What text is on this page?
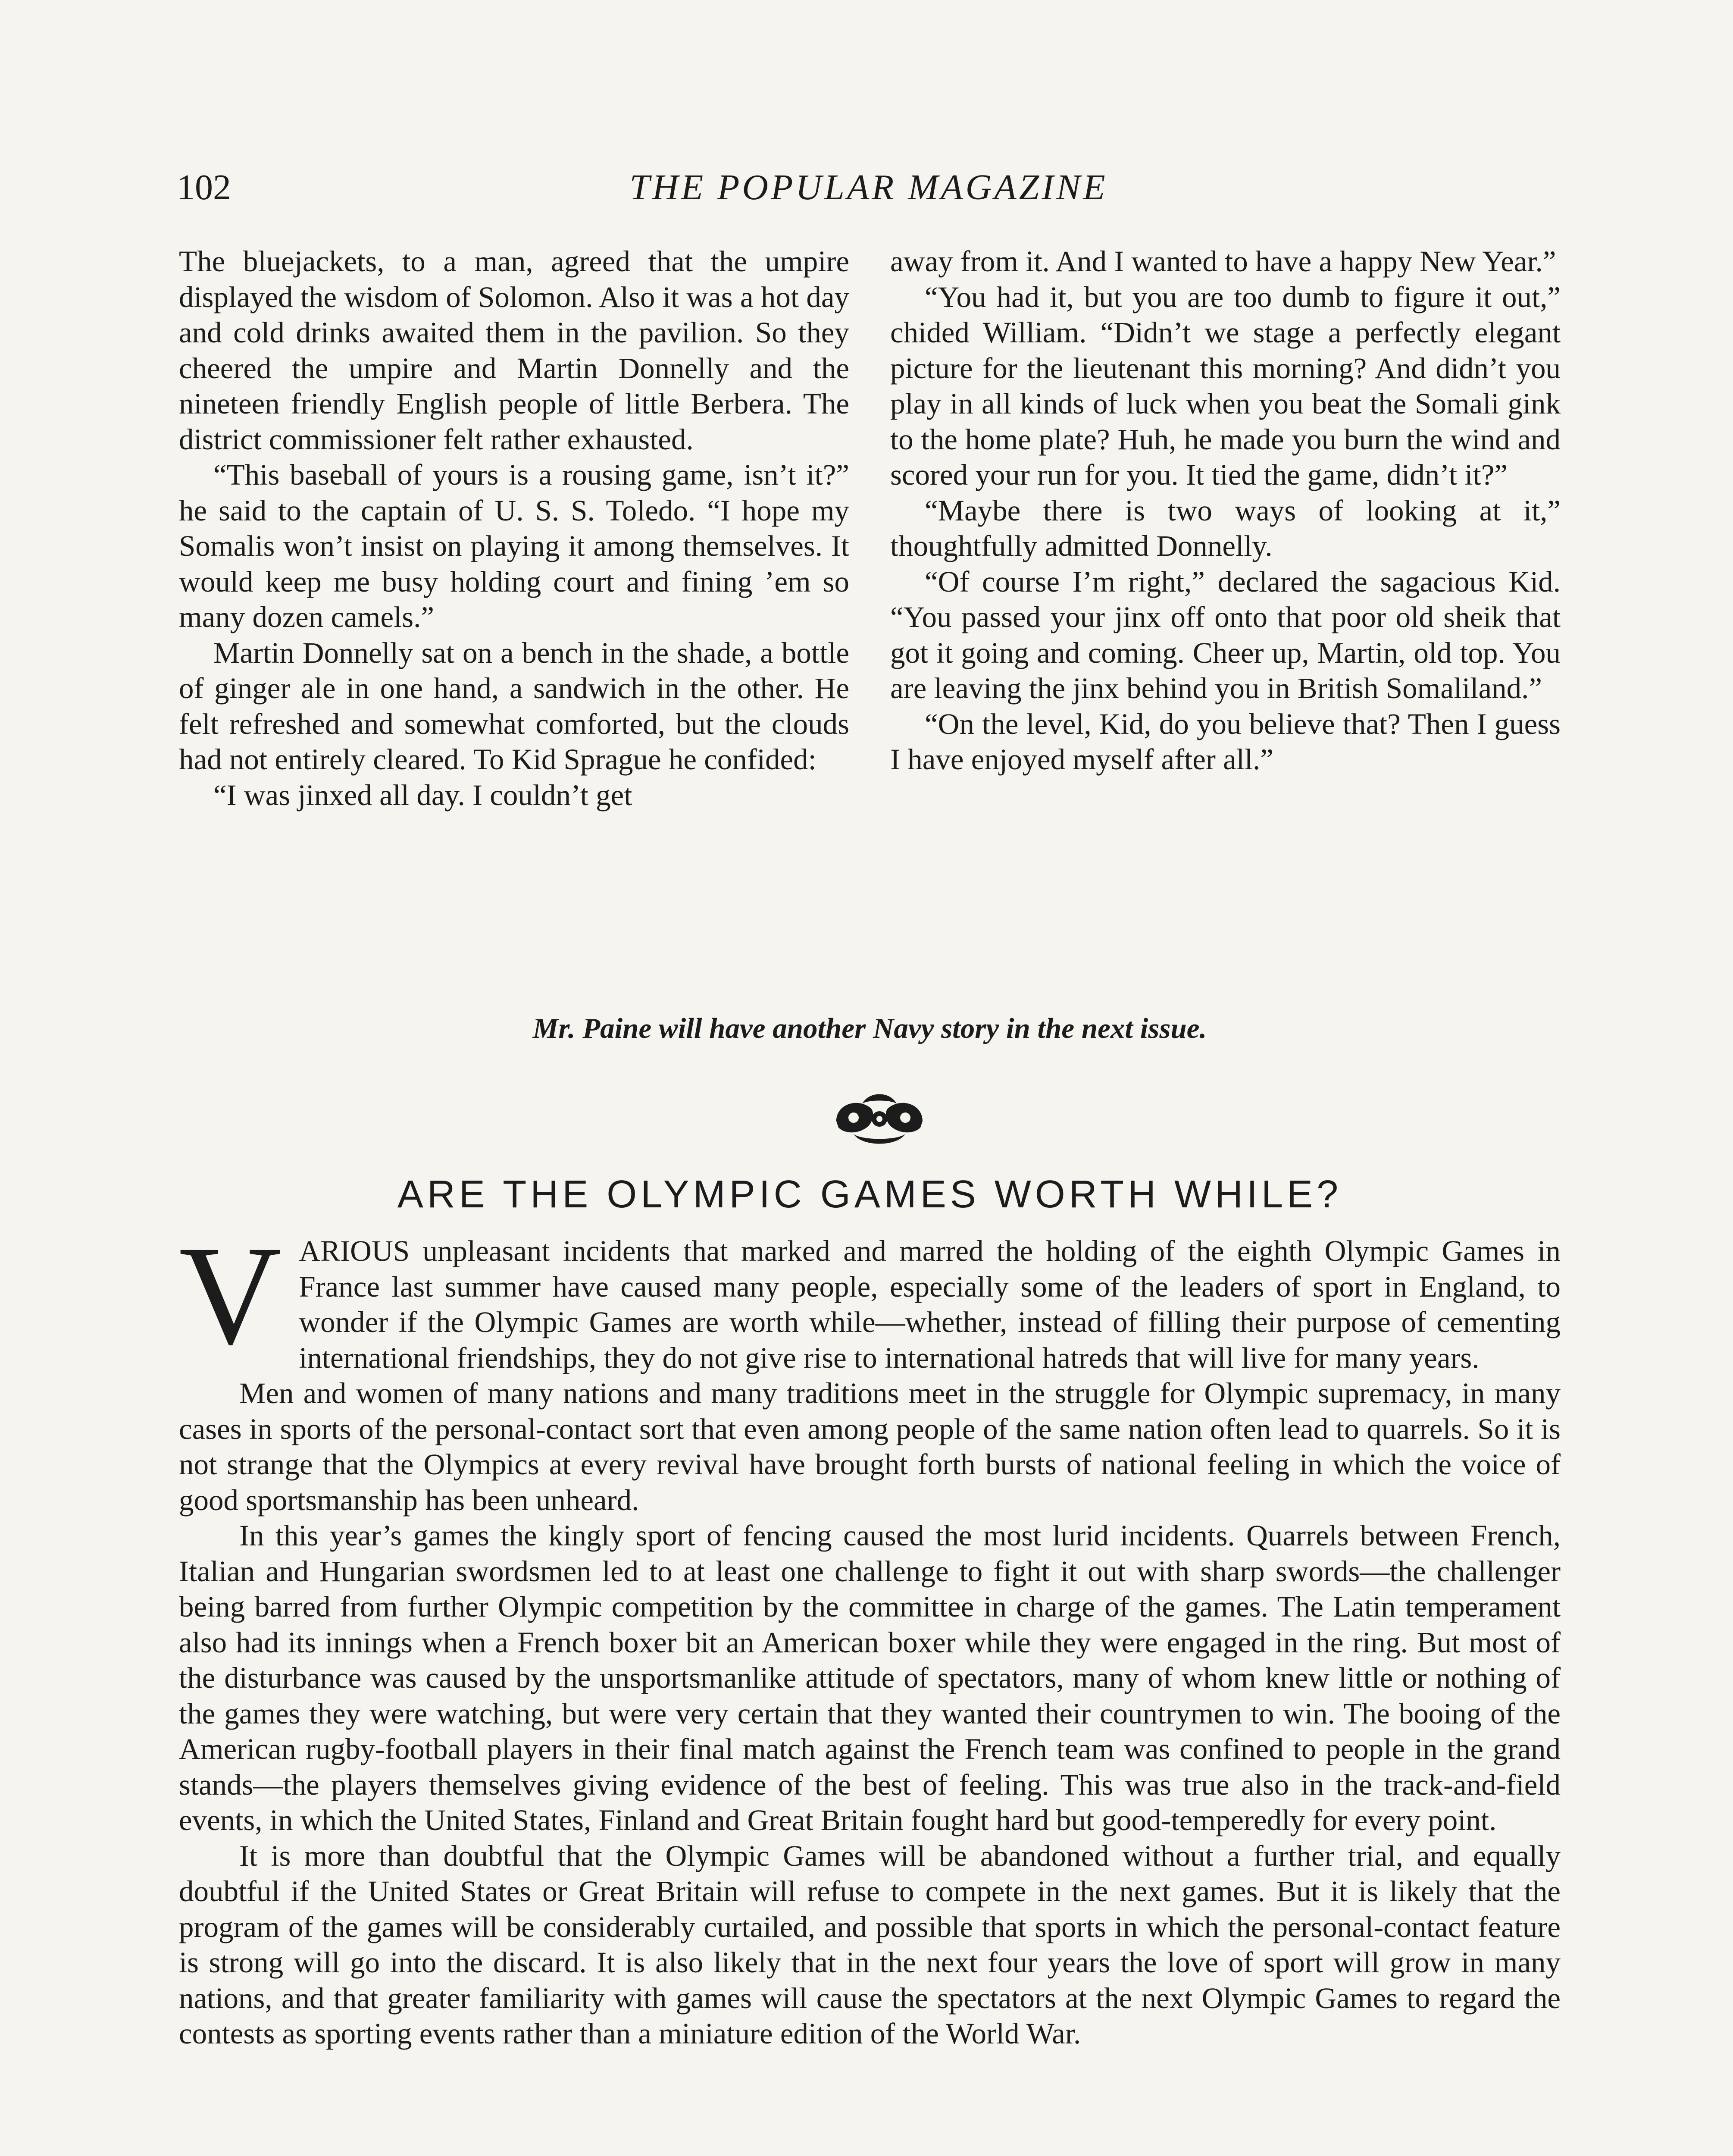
102	THE POPULAR MAGAZINE

The bluejackets, to a man, agreed that the umpire displayed the wisdom of Solomon. Also it was a hot day and cold drinks awaited them in the pavilion. So they cheered the umpire and Martin Donnelly and the nineteen friendly English people of little Berbera. The district commissioner felt rather exhausted.

“This baseball of yours is a rousing game, isn’t it?” he said to the captain of U. S. S. Toledo. “I hope my Somalis won’t insist on playing it among themselves. It would keep me busy holding court and fining ’em so many dozen camels.”

Martin Donnelly sat on a bench in the shade, a bottle of ginger ale in one hand, a sandwich in the other. He felt refreshed and somewhat comforted, but the clouds had not entirely cleared. To Kid Sprague he confided:

“I was jinxed all day. I couldn’t get

away from it. And I wanted to have a happy New Year.”

“You had it, but you are too dumb to figure it out,” chided William. “Didn’t we stage a perfectly elegant picture for the lieutenant this morning? And didn’t you play in all kinds of luck when you beat the Somali gink to the home plate? Huh, he made you burn the wind and scored your run for you. It tied the game, didn’t it?”

“Maybe there is two ways of looking at it,” thoughtfully admitted Donnelly.

“Of course I’m right,” declared the sagacious Kid. “You passed your jinx off onto that poor old sheik that got it going and coming. Cheer up, Martin, old top. You are leaving the jinx behind you in British Somaliland.”

“On the level, Kid, do you believe that? Then I guess I have enjoyed myself after all.”

Mr. Paine will have another Navy story in the next issue.
ARE THE OLYMPIC GAMES WORTH WHILE?

VARIOUS unpleasant incidents that marked and marred the holding of the eighth Olympic Games in France last summer have caused many people, especially some of the leaders of sport in England, to wonder if the Olympic Games are worth while—whether, instead of filling their purpose of cementing international friendships, they do not give rise to international hatreds that will live for many years.

Men and women of many nations and many traditions meet in the struggle for Olympic supremacy, in many cases in sports of the personal-contact sort that even among people of the same nation often lead to quarrels. So it is not strange that the Olympics at every revival have brought forth bursts of national feeling in which the voice of good sportsmanship has been unheard.

In this year’s games the kingly sport of fencing caused the most lurid incidents. Quarrels between French, Italian and Hungarian swordsmen led to at least one challenge to fight it out with sharp swords—the challenger being barred from further Olympic competition by the committee in charge of the games. The Latin temperament also had its innings when a French boxer bit an American boxer while they were engaged in the ring. But most of the disturbance was caused by the unsportsmanlike attitude of spectators, many of whom knew little or nothing of the games they were watching, but were very certain that they wanted their countrymen to win. The booing of the American rugby-football players in their final match against the French team was confined to people in the grand stands—the players themselves giving evidence of the best of feeling. This was true also in the track-and-field events, in which the United States, Finland and Great Britain fought hard but good-temperedly for every point.

It is more than doubtful that the Olympic Games will be abandoned without a further trial, and equally doubtful if the United States or Great Britain will refuse to compete in the next games. But it is likely that the program of the games will be considerably curtailed, and possible that sports in which the personal-contact feature is strong will go into the discard. It is also likely that in the next four years the love of sport will grow in many nations, and that greater familiarity with games will cause the spectators at the next Olympic Games to regard the contests as sporting events rather than a miniature edition of the World War.
